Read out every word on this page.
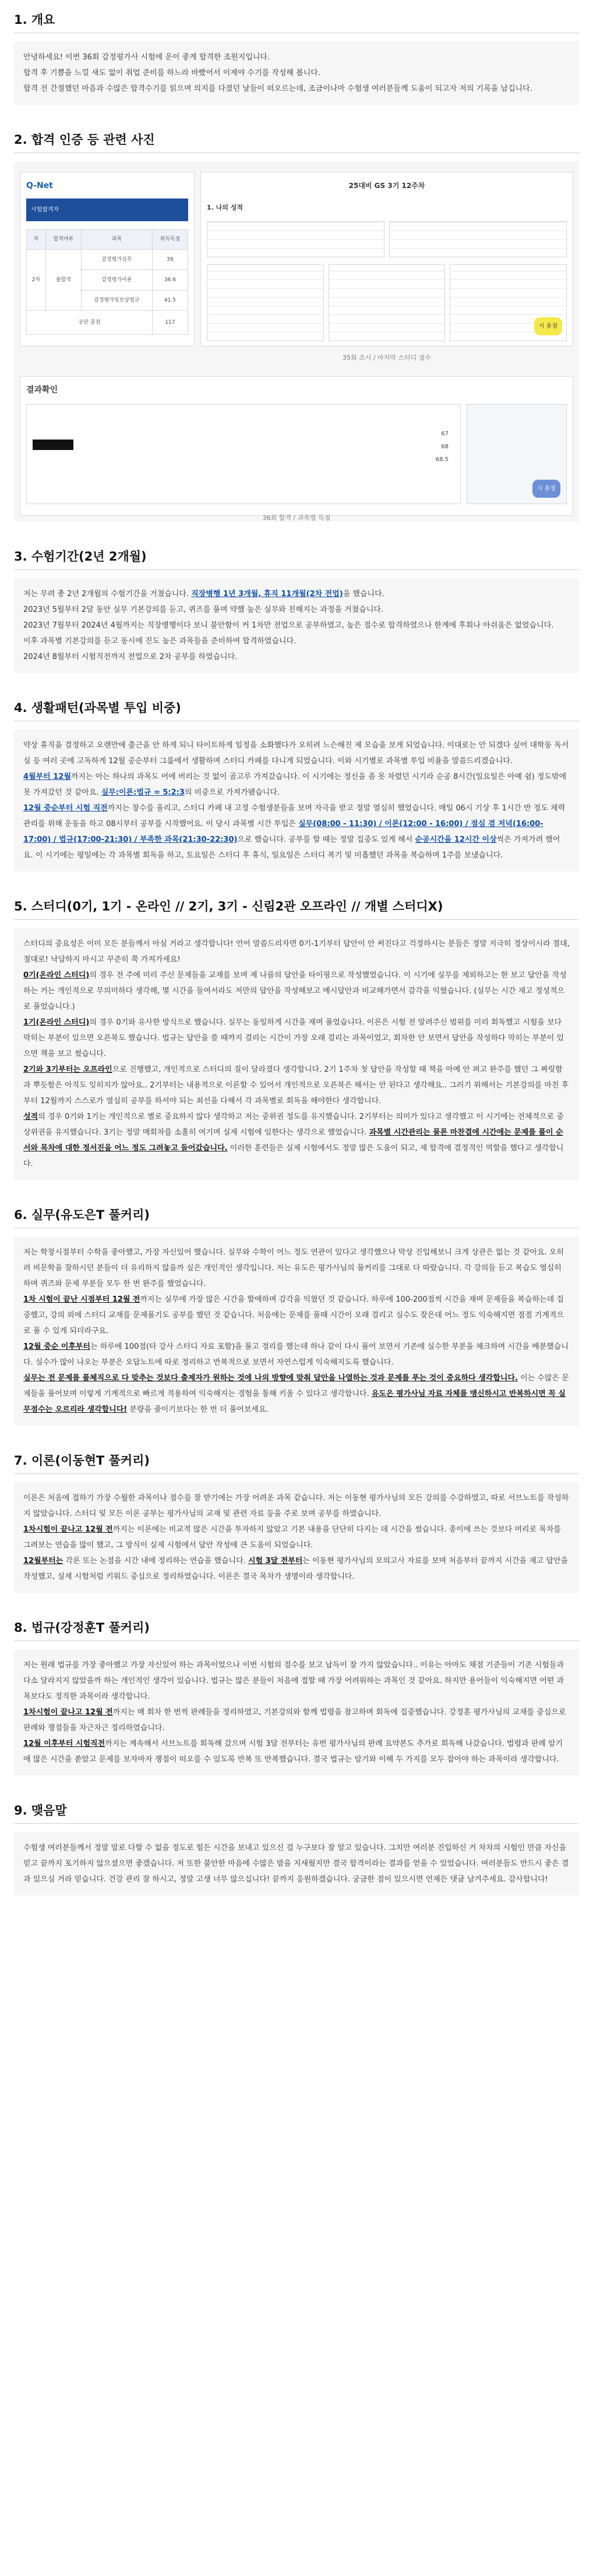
1. 개요

안녕하세요! 이번 36회 감정평가사 시험에 운이 좋게 합격한 조원지입니다.

합격 후 기쁨을 느낄 새도 없이 취업 준비를 하느라 바빴어서 이제야 수기를 작성해 봅니다.

합격 전 간절했던 마음과 수많은 합격수기를 읽으며 의지를 다졌던 날들이 떠오르는데, 조금이나마 수험생 여러분들께 도움이 되고자 저의 기록을 남깁니다.

2. 합격 인증 등 관련 사진
Q-Net
시험합격자
차	합격여부	과목	취득득점
2차	불합격	감정평가실무	39
		감정평가이론	36.6
		감정평가및보상법규	41.5
공란 총점			117
25대비 GS 3기 12주차
1. 나의 성적
시 용점
35회 조시 / 마지막 스터디 점수
결과확인
67
68
68.5
시 용점
36회 합격 / 과목별 득점
3. 수험기간(2년 2개월)

저는 무려 총 2년 2개월의 수험기간을 거쳤습니다. 직장병행 1년 3개월, 휴직 11개월(2차 전업)을 했습니다.

2023년 5월부터 2달 동안 실무 기본강의를 듣고, 퀴즈를 풀며 약했 높은 실무와 친해지는 과정을 거쳤습니다.

2023년 7월부터 2024년 4월까지는 직장병행이다 보니 불안함이 커 1차만 전업으로 공부하였고, 높은 점수로 합격하였으나 한계에 후회나 아쉬움은 없었습니다.

이후 과목별 기본강의를 듣고 동시에 진도 높은 과목들을 준비하여 합격하였습니다.

2024년 8월부터 시험직전까지 전업으로 2차 공부를 하였습니다.

4. 생활패턴(과목별 투입 비중)

약상 휴직을 결정하고 오랜만에 출근을 안 하게 되니 타이트하게 일정을 소화했다가 오히려 느슨해진 제 모습을 보게 되었습니다. 이대로는 안 되겠다 싶어 대학동 독서실 등 여러 곳에 고독하게 12월 중순부터 그룹에서 생활하며 스터디 카페를 다니게 되었습니다. 이와 시기별로 과목별 투입 비율을 말씀드리겠습니다.

4월부터 12월까지는 아는 하나의 과목도 어에 버리는 것 없이 골고루 가져갔습니다. 이 시기에는 정신을 좀 못 차렸던 시기라 순공 8시간(일요일은 아예 쉼) 정도밖에 못 가져갔던 것 같아요. 실무:이론:법규 = 5:2:3의 비중으로 가져가됐습니다.

12월 중순부터 시험 직전까지는 창수를 올리고, 스터디 카페 내 고정 수험생분들을 보며 자극을 받고 정말 열심히 했었습니다. 매일 06시 기상 후 1시간 반 정도 체력 관리를 위해 운동을 하고 08시부터 공부를 시작했어요. 이 당시 과목별 시간 투입은 실무(08:00 - 11:30) / 이론(12:00 - 16:00) / 점심 겸 저녁(16:00-17:00) / 법규(17:00-21:30) / 부족한 과목(21:30-22:30)으로 했습니다. 공부를 할 때는 정말 집중도 있게 해서 순공시간을 12시간 이상씩은 가져가려 했어요. 이 시기에는 평일에는 각 과목별 회독을 하고, 토요일은 스터디 후 휴식, 일요일은 스터디 복기 및 미흡했던 과목을 복습하며 1주를 보냈습니다.

5. 스터디(0기, 1기 - 온라인 // 2기, 3기 - 신림2관 오프라인 // 개별 스터디X)

스터디의 중요성은 이미 모든 분들께서 아실 거라고 생각합니다! 언어 말씀드리자면 0기-1기부터 답안이 안 써진다고 걱정하시는 분들은 정말 지극히 정상이시라 절대, 절대로! 낙담하지 마시고 꾸준히 쭉 가져가세요!

0기(온라인 스터디)의 경우 전 주에 미리 주신 문제들을 교재를 보며 제 나름의 답안을 타이핑으로 작성했었습니다. 이 시기에 실무를 제외하고는 한 보고 답안을 작성하는 거는 개인적으로 무의미하다 생각해, 몇 시간을 들여서라도 저만의 답안을 작성해보고 예시답안과 비교해가면서 감각을 익혔습니다. (실무는 시간 재고 정성적으로 풀었습니다.)

1기(온라인 스터디)의 경우 0기와 유사한 방식으로 했습니다. 실무는 동일하게 시간을 재며 풀었습니다. 이론은 시험 전 알려주신 범위를 미리 회독했고 시험을 보다 막히는 부분이 있으면 오픈북도 했습니다. 법규는 답안을 쓸 때까지 걸리는 시간이 가장 오래 걸리는 과목이었고, 회차한 안 보면서 답안을 작성하다 막히는 부분이 있으면 책을 보고 썼습니다.

2기와 3기부터는 오프라인으로 진행했고, 개인적으로 스터디의 질이 달라졌다 생각합니다. 2기 1주차 첫 답안을 작성할 때 책을 아예 안 펴고 완주를 했던 그 짜릿함과 뿌듯함은 아직도 잊히지가 않아요.. 2기부터는 내용적으로 이론할 수 있어서 개인적으로 오픈북은 해서는 안 된다고 생각해요.. 그러기 위해서는 기본강의를 마친 후부터 12월까지 스스로가 열심히 공부를 하셔야 되는 최선을 다해서 각 과목별로 회독을 해야한다 생각합니다.

성적의 경우 0기와 1기는 개인적으로 별로 중요하지 않다 생각하고 저는 중위권 정도를 유지했습니다. 2기부터는 의미가 있다고 생각했고 이 시기에는 전체적으로 중상위권을 유지했습니다. 3기는 정말 매회차를 소홀히 여기며 실제 시험에 임한다는 생각으로 했었습니다. 과목별 시간관리는 물론 마찬결에 시간에는 문제를 풀이 순서와 목차에 대한 정서진을 어느 정도 그려놓고 들어갔습니다. 이러한 훈련들은 실제 시험에서도 정말 많은 도움이 되고, 제 합격에 결정적인 역할을 했다고 생각합니다.

6. 실무(유도은T 풀커리)

저는 학창시절부터 수학을 좋아했고, 가장 자신있어 했습니다. 실무와 수학이 어느 정도 연관이 있다고 생각했으나 막상 진입해보니 크게 상관은 없는 것 같아요. 오히려 비문학을 잘하시던 분들이 더 유리하지 않을까 싶은 개인적인 생각입니다. 저는 유도은 평가사님의 풀커리를 그대로 다 따랐습니다. 각 강의들 듣고 복습도 열심히 하며 퀴즈와 문제 부분들 모두 한 번 완주를 했었습니다.

1차 시험이 끝난 시점부터 12월 전까지는 실무에 가장 많은 시간을 할애하며 감각을 익혔던 것 같습니다. 하루에 100-200점씩 시간을 재며 문제들을 복습하는데 집중했고, 강의 외에 스터디 교재를 문제풀기도 공부를 했던 것 같습니다. 처음에는 문제를 풀때 시간이 오래 걸리고 실수도 잦은데 어느 정도 익숙해지면 점점 기계적으로 풀 수 있게 되더라구요.

12월 중순 이후부터는 하루에 100점(타 강사 스터디 자료 포함)을 풀고 정리를 했는데 하나 같이 다시 풀어 보면서 기존에 실수한 부분을 체크하며 시간을 배분했습니다. 실수가 많이 나오는 부분은 오답노트에 따로 정리하고 반복적으로 보면서 자연스럽게 익숙해지도록 했습니다.

실무는 전 문제를 풀체직으로 다 맞추는 것보다 출제자가 원하는 것에 나의 방향에 맞춰 답안을 나열하는 것과 문제를 푸는 것이 중요하다 생각합니다. 이는 수많은 문제들을 풀어보며 이렇게 기계적으로 빠르게 적용하여 익숙해지는 경험을 통해 키울 수 있다고 생각합니다. 유도은 평가사님 자료 자체를 맹신하시고 반복하시면 꼭 실무점수는 오르리라 생각합니다! 분량을 줄이기보다는 한 번 더 풀어보세요.

7. 이론(이동현T 풀커리)

이론은 처음에 접하기 가장 수월한 과목이나 점수를 잘 받기에는 가장 어려운 과목 같습니다. 저는 이동현 평가사님의 모든 강의를 수강하였고, 따로 서브노트를 작성하지 않았습니다. 스터디 및 모든 이론 공부는 평가사님의 교재 및 관련 자료 등을 주로 보며 공부를 하였습니다.

1차시험이 끝나고 12월 전까지는 이론에는 비교적 많은 시간을 투자하지 않았고 기본 내용을 단단히 다지는 데 시간을 썼습니다. 종이에 쓰는 것보다 머리로 목차를 그려보는 연습을 많이 했고, 그 방식이 실제 시험에서 답안 작성에 큰 도움이 되었습니다.

12월부터는 각론 또는 논점을 시간 내에 정리하는 연습을 했습니다. 시험 3달 전부터는 이동현 평가사님의 모의고사 자료를 보며 처음부터 끝까지 시간을 재고 답안을 작성했고, 실제 시험처럼 키워드 중심으로 정리하였습니다. 이론은 결국 목차가 생명이라 생각합니다.

8. 법규(강정훈T 풀커리)

저는 원래 법규를 가장 좋아했고 가장 자신있어 하는 과목이었으나 이번 시험의 점수를 보고 납득이 잘 가지 않았습니다.. 이유는 아마도 채점 기준들이 기존 시험들과 다소 달라지지 않았을까 하는 개인적인 생각이 있습니다. 법규는 많은 분들이 처음에 접할 때 가장 어려워하는 과목인 것 같아요. 하지만 용어들이 익숙해지면 어떤 과목보다도 정직한 과목이라 생각합니다.

1차시험이 끝나고 12월 전까지는 매 회차 한 번씩 판례들을 정리하였고, 기본강의와 함께 법령을 참고하며 회독에 집중했습니다. 강정훈 평가사님의 교재를 중심으로 판례와 쟁점들을 차근차근 정리하였습니다.

12월 이후부터 시험직전까지는 계속해서 서브노트를 회독해 갔으며 시험 3달 전부터는 유번 평가사님의 판례 요약본도 추가로 회독해 나갔습니다. 법령과 판례 암기에 많은 시간을 쏟았고 문제를 보자마자 쟁점이 떠오를 수 있도록 반복 또 반복했습니다. 결국 법규는 암기와 이해 두 가지를 모두 잡아야 하는 과목이라 생각합니다.

9. 맺음말

수험생 여러분들께서 정말 말로 다할 수 없을 정도로 힘든 시간을 보내고 있으신 걸 누구보다 잘 알고 있습니다. 그치만 여러분 진입하신 거 차차의 시험인 만큼 자신을 믿고 끝까지 포기하지 않으셨으면 좋겠습니다. 저 또한 불안한 마음에 수많은 밤을 지새웠지만 결국 합격이라는 결과를 얻을 수 있었습니다. 여러분들도 반드시 좋은 결과 있으실 거라 믿습니다. 건강 관리 잘 하시고, 정말 고생 너무 많으십니다! 끝까지 응원하겠습니다. 궁금한 점이 있으시면 언제든 댓글 남겨주세요. 감사합니다!
